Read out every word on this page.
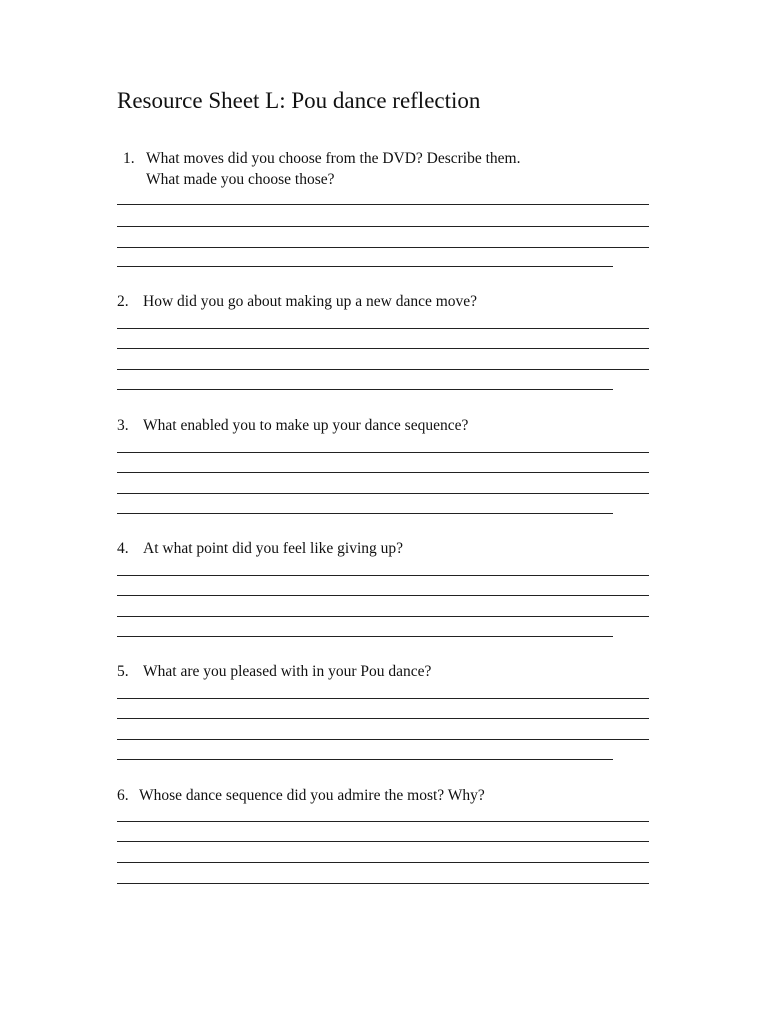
Resource Sheet L: Pou dance reflection
1. What moves did you choose from the DVD? Describe them.
What made you choose those?
2. How did you go about making up a new dance move?
3. What enabled you to make up your dance sequence?
4. At what point did you feel like giving up?
5. What are you pleased with in your Pou dance?
6. Whose dance sequence did you admire the most? Why?
